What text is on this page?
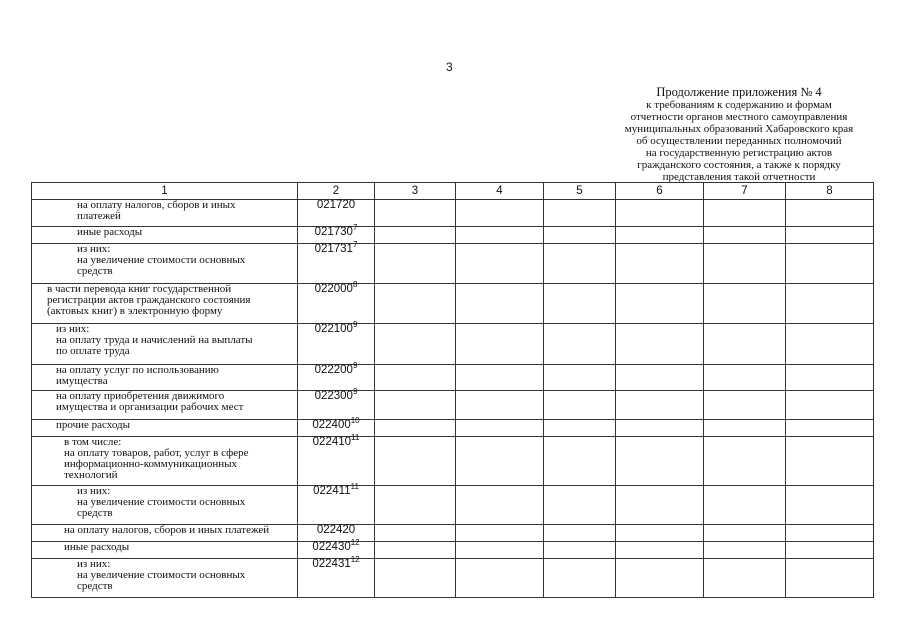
3
Продолжение приложения № 4
к требованиям к содержанию и формам
отчетности органов местного самоуправления
муниципальных образований Хабаровского края
об осуществлении переданных полномочий
на государственную регистрацию актов
гражданского состояния, а также к порядку
представления такой отчетности
1	2	3	4	5	6	7	8
на оплату налогов, сборов и иных
платежей	021720						
иные расходы	021730$^7$						
из них:
на увеличение стоимости основных
средств	021731$^7$						
в части перевода книг государственной
регистрации актов гражданского состояния
(актовых книг) в электронную форму	022000$^8$						
из них:
на оплату труда и начислений на выплаты
по оплате труда	022100$^9$						
на оплату услуг по использованию
имущества	022200$^9$						
на оплату приобретения движимого
имущества и организации рабочих мест	022300$^9$						
прочие расходы	022400$^{10}$						
в том числе:
на оплату товаров, работ, услуг в сфере
информационно-коммуникационных
технологий	022410$^{11}$						
из них:
на увеличение стоимости основных
средств	022411$^{11}$						
на оплату налогов, сборов и иных платежей	022420						
иные расходы	022430$^{12}$						
из них:
на увеличение стоимости основных
средств	022431$^{12}$						
